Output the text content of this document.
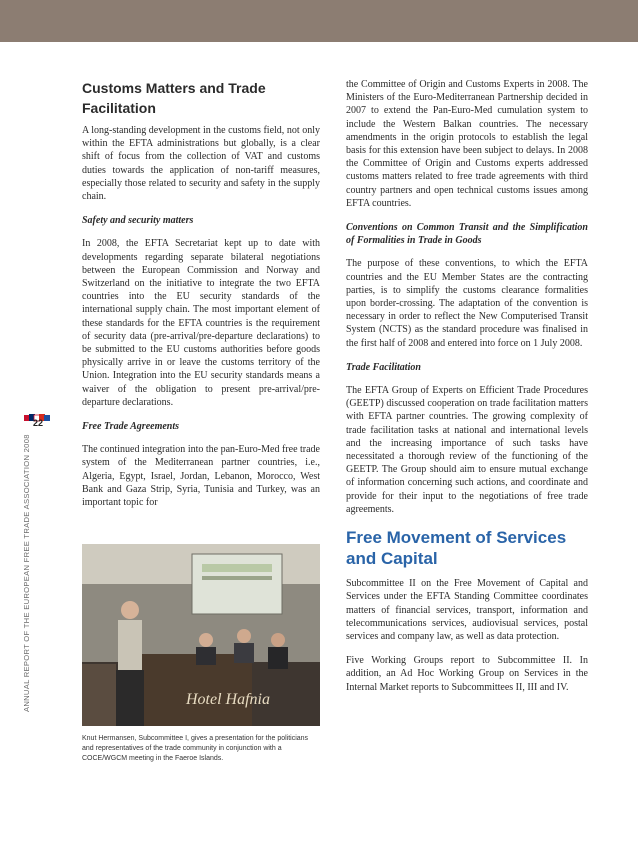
22
ANNUAL REPORT OF THE EUROPEAN FREE TRADE ASSOCIATION 2008
Customs Matters and Trade Facilitation

A long-standing development in the customs field, not only within the EFTA administrations but globally, is a clear shift of focus from the collection of VAT and customs duties towards the application of non-tariff measures, especially those related to security and safety in the supply chain.

Safety and security matters

In 2008, the EFTA Secretariat kept up to date with developments regarding separate bilateral negotiations between the European Commission and Norway and Switzerland on the initiative to integrate the two EFTA countries into the EU security standards of the international supply chain. The most important element of these standards for the EFTA countries is the requirement of security data (pre-arrival/pre-departure declarations) to be submitted to the EU customs authorities before goods physically arrive in or leave the customs territory of the Union. Integration into the EU security standards means a waiver of the obligation to present pre-arrival/pre-departure declarations.

Free Trade Agreements

The continued integration into the pan-Euro-Med free trade system of the Mediterranean partner countries, i.e., Algeria, Egypt, Israel, Jordan, Lebanon, Morocco, West Bank and Gaza Strip, Syria, Tunisia and Turkey, was an important topic for

Hotel Hafnia
Knut Hermansen, Subcommittee I, gives a presentation for the politicians and representatives of the trade community in conjunction with a COCE/WGCM meeting in the Faeroe Islands.

the Committee of Origin and Customs Experts in 2008. The Ministers of the Euro-Mediterranean Partnership decided in 2007 to extend the Pan-Euro-Med cumulation system to include the Western Balkan countries. The necessary amendments in the origin protocols to establish the legal basis for this extension have been subject to delays. In 2008 the Committee of Origin and Customs experts addressed customs matters related to free trade agreements with third country partners and open technical customs issues among EFTA countries.

Conventions on Common Transit and the Simplification of Formalities in Trade in Goods

The purpose of these conventions, to which the EFTA countries and the EU Member States are the contracting parties, is to simplify the customs clearance formalities upon border-crossing. The adaptation of the convention is necessary in order to reflect the New Computerised Transit System (NCTS) as the standard procedure was finalised in the first half of 2008 and entered into force on 1 July 2008.

Trade Facilitation

The EFTA Group of Experts on Efficient Trade Procedures (GEETP) discussed cooperation on trade facilitation matters with EFTA partner countries. The growing complexity of trade facilitation tasks at national and international levels and the increasing importance of such tasks have necessitated a thorough review of the functioning of the GEETP. The Group should aim to ensure mutual exchange of information concerning such actions, and coordinate and provide for their input to the negotiations of free trade agreements.

Free Movement of Services and Capital

Subcommittee II on the Free Movement of Capital and Services under the EFTA Standing Committee coordinates matters of financial services, transport, information and telecommunications services, audiovisual services, postal services and company law, as well as data protection.

Five Working Groups report to Subcommittee II. In addition, an Ad Hoc Working Group on Services in the Internal Market reports to Subcommittees II, III and IV.
